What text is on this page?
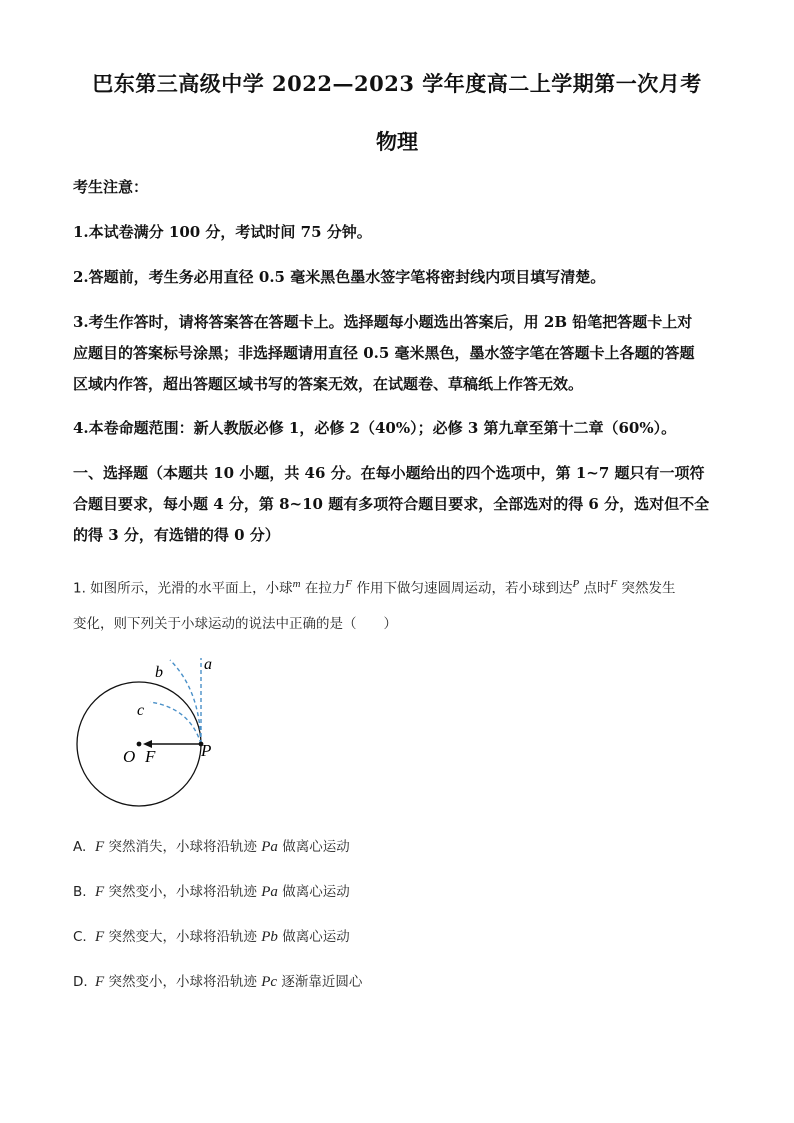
巴东第三高级中学 2022—2023 学年度高二上学期第一次月考
物理
考生注意：
1.本试卷满分 100 分，考试时间 75 分钟。
2.答题前，考生务必用直径 0.5 毫米黑色墨水签字笔将密封线内项目填写清楚。
3.考生作答时，请将答案答在答题卡上。选择题每小题选出答案后，用 2B 铅笔把答题卡上对
应题目的答案标号涂黑；非选择题请用直径 0.5 毫米黑色，墨水签字笔在答题卡上各题的答题
区域内作答，超出答题区域书写的答案无效，在试题卷、草稿纸上作答无效。
4.本卷命题范围：新人教版必修 1，必修 2（40%）；必修 3 第九章至第十二章（60%）。
一、选择题（本题共 10 小题，共 46 分。在每小题给出的四个选项中，第 1~7 题只有一项符
合题目要求，每小题 4 分，第 8~10 题有多项符合题目要求，全部选对的得 6 分，选对但不全
的得 3 分，有选错的得 0 分）
1. 如图所示，光滑的水平面上，小球$^m$ 在拉力$^F$ 作用下做匀速圆周运动，若小球到达$^P$ 点时$^F$ 突然发生
变化，则下列关于小球运动的说法中正确的是（　　）
a
b
c
O F	P
A. F 突然消失，小球将沿轨迹 Pa 做离心运动
B. F 突然变小，小球将沿轨迹 Pa 做离心运动
C. F 突然变大，小球将沿轨迹 Pb 做离心运动
D. F 突然变小，小球将沿轨迹 Pc 逐渐靠近圆心
